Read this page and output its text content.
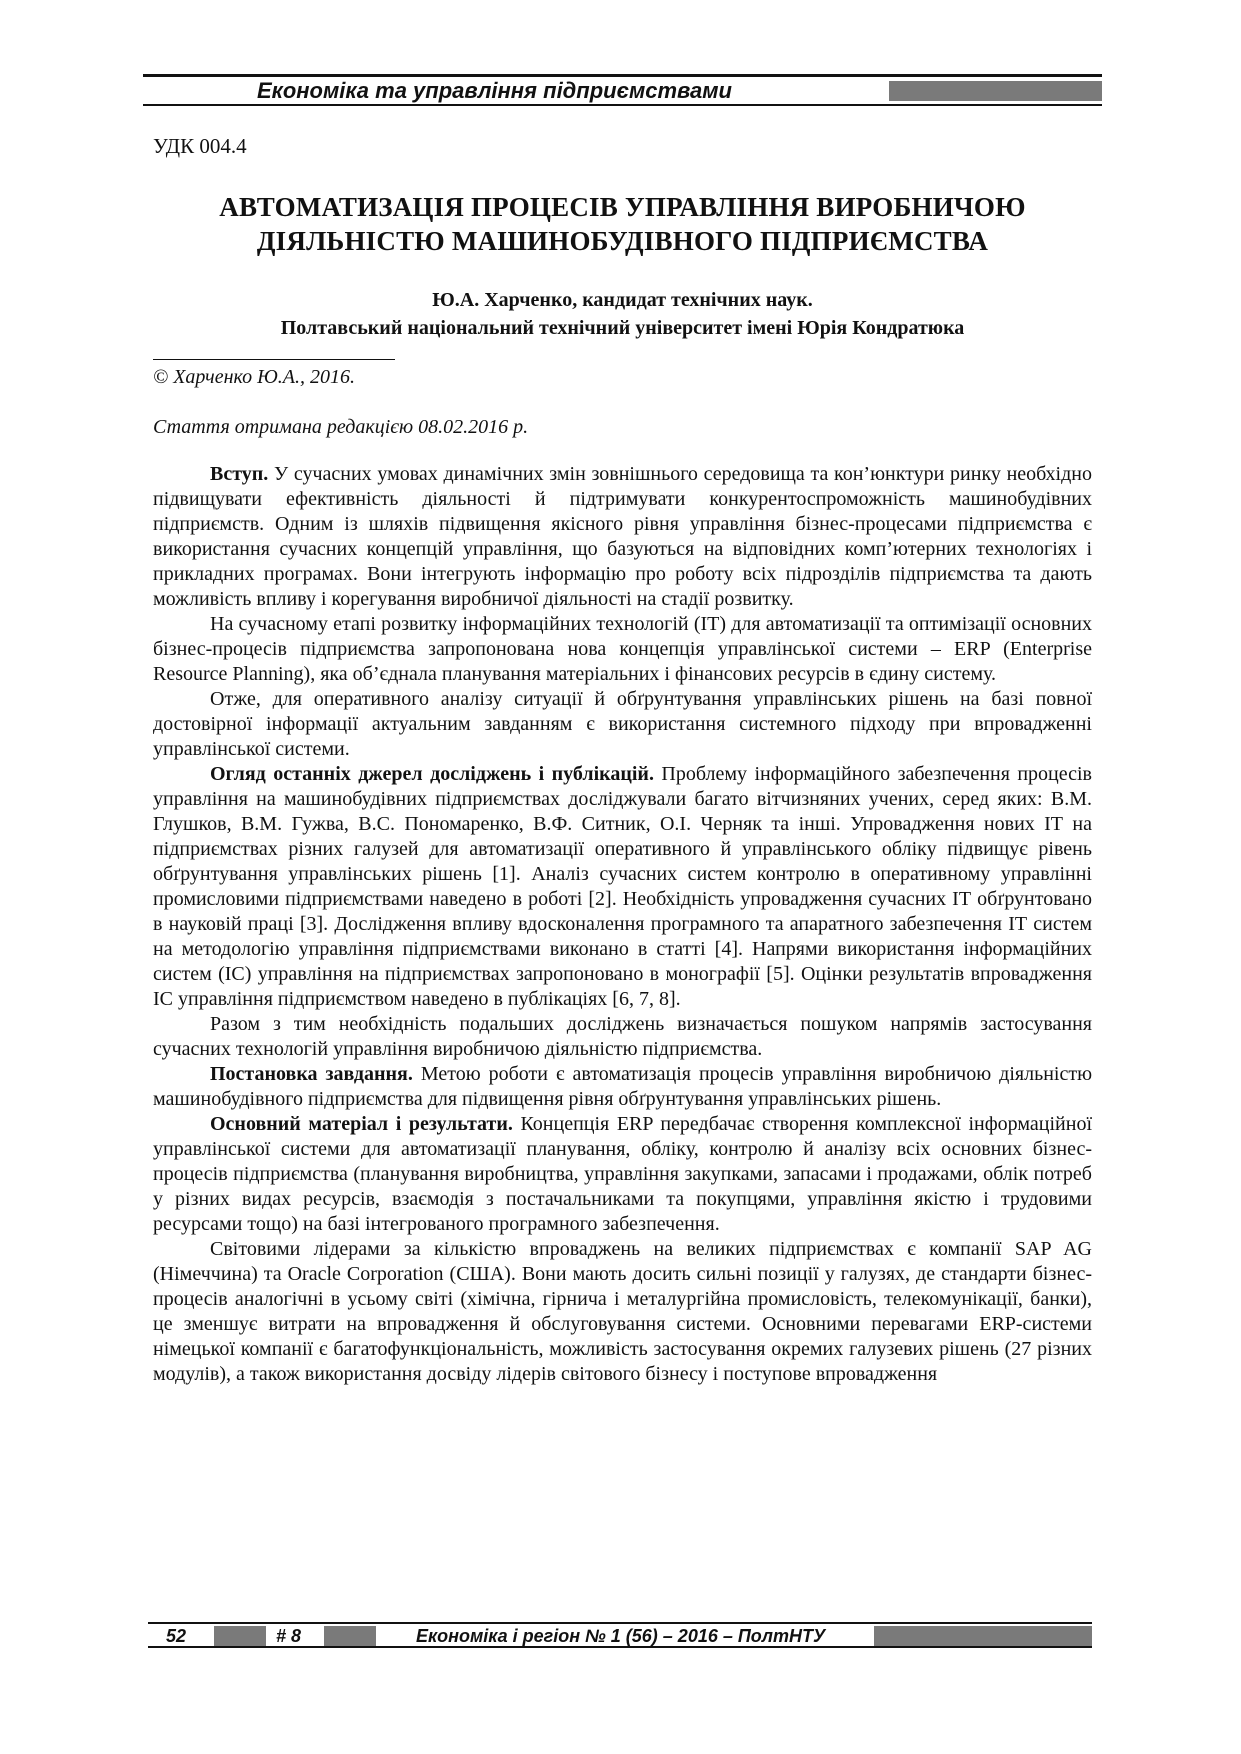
Економіка та управління підприємствами
УДК 004.4
АВТОМАТИЗАЦІЯ ПРОЦЕСІВ УПРАВЛІННЯ ВИРОБНИЧОЮ
ДІЯЛЬНІСТЮ МАШИНОБУДІВНОГО ПІДПРИЄМСТВА
Ю.А. Харченко, кандидат технічних наук.
Полтавський національний технічний університет імені Юрія Кондратюка
© Харченко Ю.А., 2016.
Стаття отримана редакцією 08.02.2016 р.

Вступ. У сучасних умовах динамічних змін зовнішнього середовища та кон’юнктури ринку необхідно підвищувати ефективність діяльності й підтримувати конкурентоспроможність машинобудівних підприємств. Одним із шляхів підвищення якісного рівня управління бізнес-процесами підприємства є використання сучасних концепцій управління, що базуються на відповідних комп’ютерних технологіях і прикладних програмах. Вони інтегрують інформацію про роботу всіх підрозділів підприємства та дають можливість впливу і корегування виробничої діяльності на стадії розвитку.

На сучасному етапі розвитку інформаційних технологій (ІТ) для автоматизації та оптимізації основних бізнес-процесів підприємства запропонована нова концепція управлінської системи – ERP (Enterprise Resource Planning), яка об’єднала планування матеріальних і фінансових ресурсів в єдину систему.

Отже, для оперативного аналізу ситуації й обґрунтування управлінських рішень на базі повної достовірної інформації актуальним завданням є використання системного підходу при впровадженні управлінської системи.

Огляд останніх джерел досліджень і публікацій. Проблему інформаційного забезпечення процесів управління на машинобудівних підприємствах досліджували багато вітчизняних учених, серед яких: В.М. Глушков, В.М. Гужва, В.С. Пономаренко, В.Ф. Ситник, О.І. Черняк та інші. Упровадження нових ІТ на підприємствах різних галузей для автоматизації оперативного й управлінського обліку підвищує рівень обґрунтування управлінських рішень [1]. Аналіз сучасних систем контролю в оперативному управлінні промисловими підприємствами наведено в роботі [2]. Необхідність упровадження сучасних ІТ обґрунтовано в науковій праці [3]. Дослідження впливу вдосконалення програмного та апаратного забезпечення ІТ систем на методологію управління підприємствами виконано в статті [4]. Напрями використання інформаційних систем (ІС) управління на підприємствах запропоновано в монографії [5]. Оцінки результатів впровадження ІС управління підприємством наведено в публікаціях [6, 7, 8].

Разом з тим необхідність подальших досліджень визначається пошуком напрямів застосування сучасних технологій управління виробничою діяльністю підприємства.

Постановка завдання. Метою роботи є автоматизація процесів управління виробничою діяльністю машинобудівного підприємства для підвищення рівня обґрунтування управлінських рішень.

Основний матеріал і результати. Концепція ERP передбачає створення комплексної інформаційної управлінської системи для автоматизації планування, обліку, контролю й аналізу всіх основних бізнес-процесів підприємства (планування виробництва, управління закупками, запасами і продажами, облік потреб у різних видах ресурсів, взаємодія з постачальниками та покупцями, управління якістю і трудовими ресурсами тощо) на базі інтегрованого програмного забезпечення.

Світовими лідерами за кількістю впроваджень на великих підприємствах є компанії SAP AG (Німеччина) та Oracle Corporation (США). Вони мають досить сильні позиції у галузях, де стандарти бізнес-процесів аналогічні в усьому світі (хімічна, гірнича і металургійна промисловість, телекомунікації, банки), це зменшує витрати на впровадження й обслуговування системи. Основними перевагами ERP-системи німецької компанії є багатофункціональність, можливість застосування окремих галузевих рішень (27 різних модулів), а також використання досвіду лідерів світового бізнесу і поступове впровадження

52	# 8	Економіка і регіон № 1 (56) – 2016 – ПолтНТУ
